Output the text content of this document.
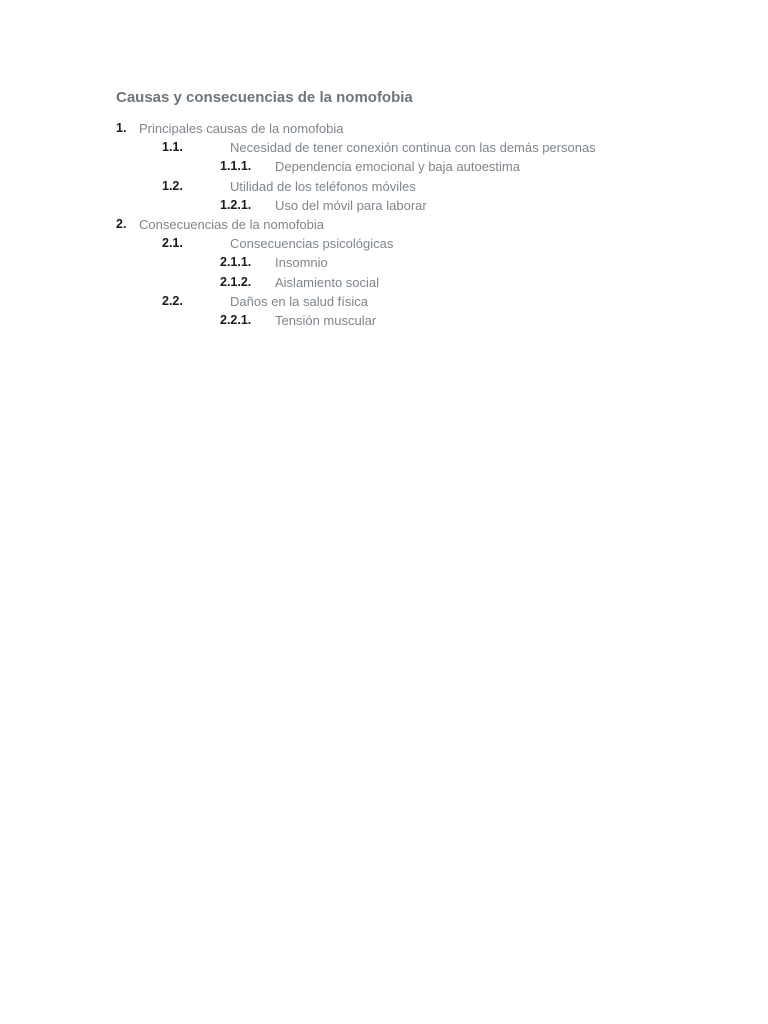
Causas y consecuencias de la nomofobia
1. Principales causas de la nomofobia
1.1.	Necesidad de tener conexión continua con las demás personas
1.1.1. Dependencia emocional y baja autoestima
1.2.	Utilidad de los teléfonos móviles
1.2.1. Uso del móvil para laborar
2. Consecuencias de la nomofobia
2.1.	Consecuencias psicológicas
2.1.1. Insomnio
2.1.2. Aislamiento social
2.2.	Daños en la salud física
2.2.1. Tensión muscular
